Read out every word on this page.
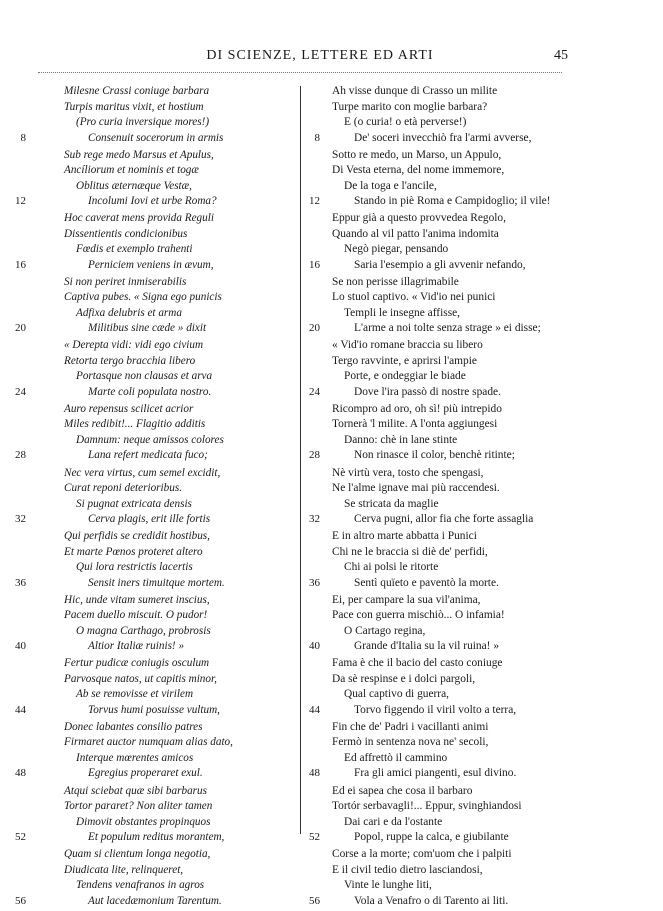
DI SCIENZE, LETTERE ED ARTI	45
Milesne Crassi coniuge barbara
Turpis maritus vixit, et hostium
(Pro curia inversique mores!)
8	Consenuit socerorum in armis
Sub rege medo Marsus et Apulus,
Ancíliorum et nominis et togæ
Oblitus æternæque Vestæ,
12	Incolumi Iovi et urbe Roma?
Hoc caverat mens provida Reguli
Dissentientis condicionibus
Fœdis et exemplo trahenti
16	Perniciem veniens in ævum,
Si non periret inmiserabilis
Captiva pubes. « Signa ego punicis
Adfixa delubris et arma
20	Militibus sine cæde » dixit
« Derepta vidi: vidi ego civium
Retorta tergo bracchia libero
Portasque non clausas et arva
24	Marte coli populata nostro.
Auro repensus scilicet acrior
Miles redibit!... Flagitio additis
Damnum: neque amissos colores
28	Lana refert medicata fuco;
Nec vera virtus, cum semel excidit,
Curat reponi deterioribus.
Si pugnat extricata densis
32	Cerva plagis, erit ille fortis
Qui perfidis se credidit hostibus,
Et marte Pœnos proteret altero
Qui lora restrictis lacertis
36	Sensit iners timuitque mortem.
Hic, unde vitam sumeret inscius,
Pacem duello miscuit. O pudor!
O magna Carthago, probrosis
40	Altior Italiæ ruinis! »
Fertur pudicæ coniugis osculum
Parvosque natos, ut capitis minor,
Ab se removisse et virilem
44	Torvus humi posuisse vultum,
Donec labantes consilio patres
Firmaret auctor numquam alias dato,
Interque mœrentes amicos
48	Egregius properaret exul.
Atqui sciebat quæ sibi barbarus
Tortor pararet? Non aliter tamen
Dimovit obstantes propinquos
52	Et populum reditus morantem,
Quam si clientum longa negotia,
Diudicata lite, relinqueret,
Tendens venafranos in agros
56	Aut lacedæmonium Tarentum.
Ah visse dunque di Crasso un milite
Turpe marito con moglie barbara?
E (o curia! o età perverse!)
8	De' soceri invecchiò fra l'armi avverse,
Sotto re medo, un Marso, un Appulo,
Di Vesta eterna, del nome immemore,
De la toga e l'ancile,
12	Stando in piè Roma e Campidoglio; il vile!
Eppur già a questo provvedea Regolo,
Quando al vil patto l'anima indomita
Negò piegar, pensando
16	Saria l'esempio a gli avvenir nefando,
Se non perisse illagrimabile
Lo stuol captivo. « Vid'io nei punici
Templi le insegne affisse,
20	L'arme a noi tolte senza strage » ei disse;
« Vid'io romane braccia su libero
Tergo ravvinte, e aprirsi l'ampie
Porte, e ondeggiar le biade
24	Dove l'ira passò di nostre spade.
Ricompro ad oro, oh sì! più intrepido
Tornerà 'l milite. A l'onta aggiungesi
Danno: chè in lane stinte
28	Non rinasce il color, benchè ritinte;
Nè virtù vera, tosto che spengasi,
Ne l'alme ignave mai più raccendesi.
Se stricata da maglie
32	Cerva pugni, allor fia che forte assaglia
E in altro marte abbatta i Punici
Chi ne le braccia si diè de' perfidi,
Chi ai polsi le ritorte
36	Sentì quïeto e paventò la morte.
Ei, per campare la sua vil'anima,
Pace con guerra mischiò... O infamia!
O Cartago regina,
40	Grande d'Italia su la vil ruina! »
Fama è che il bacio del casto coniuge
Da sè respinse e i dolci pargoli,
Qual captivo di guerra,
44	Torvo figgendo il viril volto a terra,
Fin che de' Padri i vacillanti animi
Fermò in sentenza nova ne' secoli,
Ed affrettò il cammino
48	Fra gli amici piangenti, esul divino.
Ed ei sapea che cosa il barbaro
Tortór serbavagli!... Eppur, svinghiandosi
Dai cari e da l'ostante
52	Popol, ruppe la calca, e giubilante
Corse a la morte; com'uom che i palpiti
E il civil tedio dietro lasciandosi,
Vinte le lunghe liti,
56	Vola a Venafro o di Tarento ai liti.
